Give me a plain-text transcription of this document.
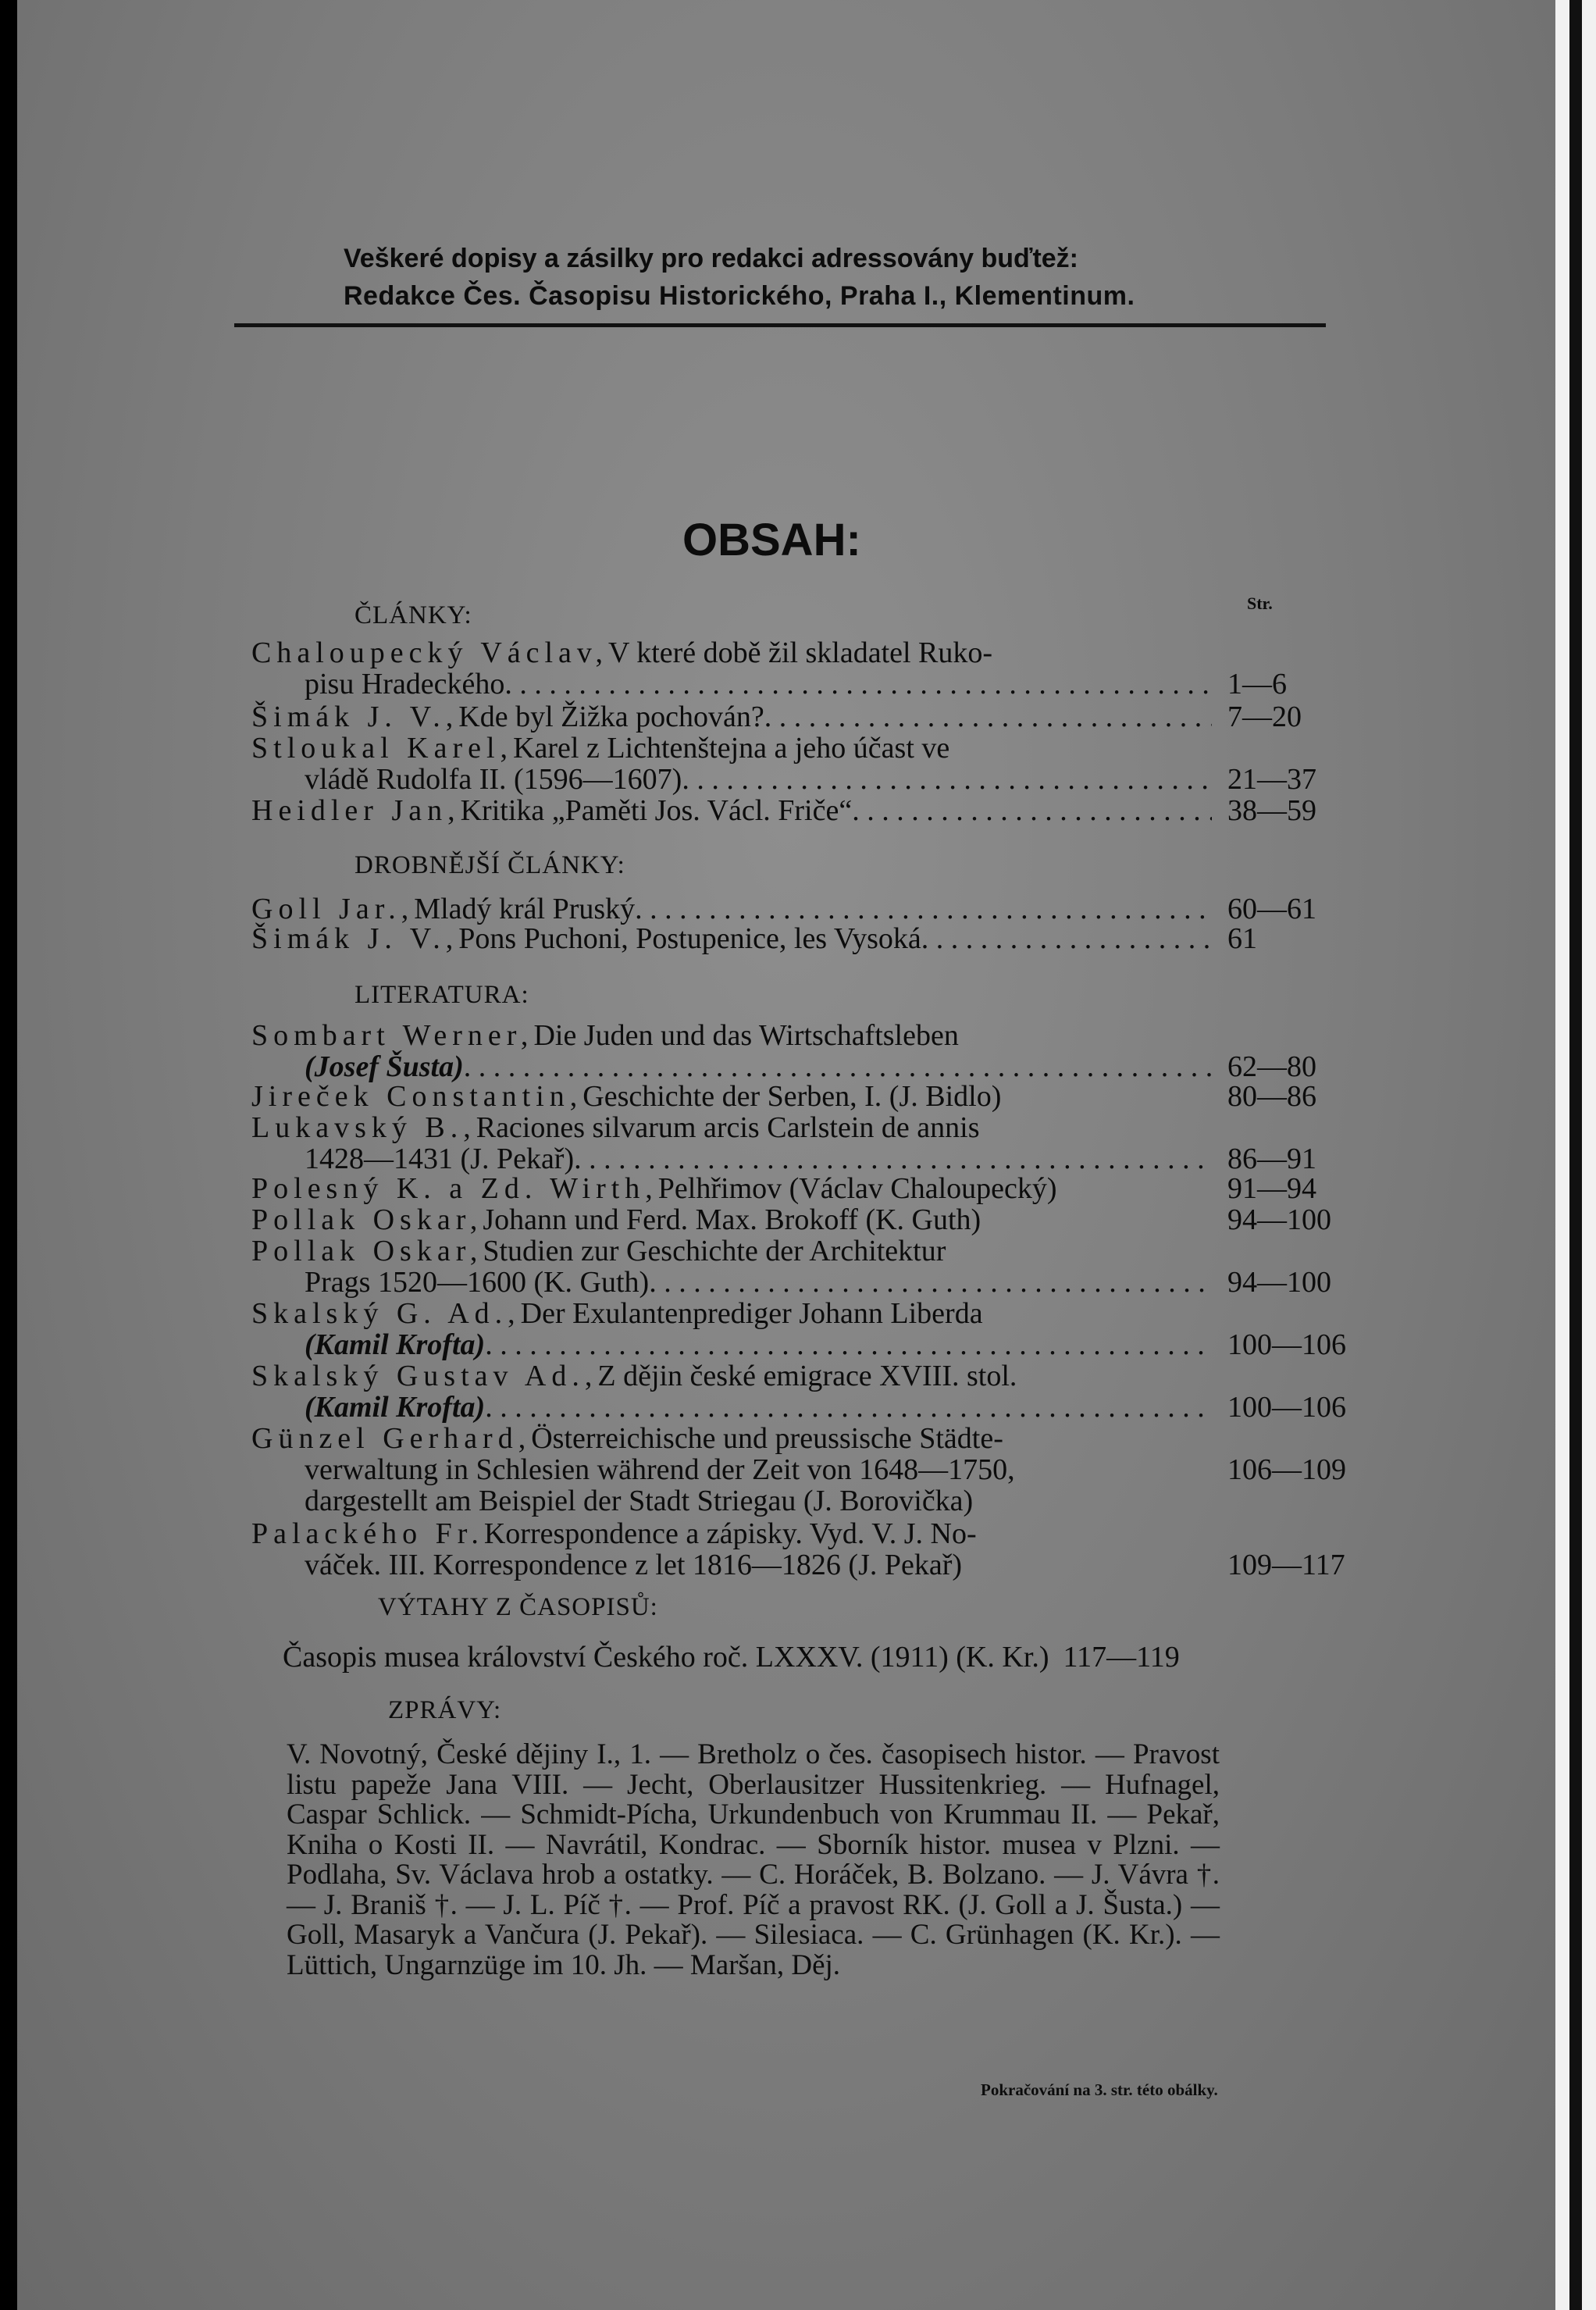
Veškeré dopisy a zásilky pro redakci adressovány buďtež:
Redakce Čes. Časopisu Historického, Praha I., Klementinum.
OBSAH:
Str.
ČLÁNKY:
Chaloupecký Václav, V které době žil skladatel Ruko-
pisu Hradeckého . . .	1—6
Šimák J. V., Kde byl Žižka pochován? . . .	7—20
Stloukal Karel, Karel z Lichtenštejna a jeho účast ve
vládě Rudolfa II. (1596—1607) . . .	21—37
Heidler Jan, Kritika „Paměti Jos. Václ. Friče“ . . .	38—59
DROBNĚJŠÍ ČLÁNKY:
Goll Jar., Mladý král Pruský . . .	60—61
Šimák J. V., Pons Puchoni, Postupenice, les Vysoká . . .	61
LITERATURA:
Sombart Werner, Die Juden und das Wirtschaftsleben
(Josef Šusta) . . .	62—80
Jireček Constantin, Geschichte der Serben, I. (J. Bidlo)	80—86
Lukavský B., Raciones silvarum arcis Carlstein de annis
1428—1431 (J. Pekař) . . .	86—91
Polesný K. a Zd. Wirth, Pelhřimov (Václav Chaloupecký)	91—94
Pollak Oskar, Johann und Ferd. Max. Brokoff (K. Guth)	94—100
Pollak Oskar, Studien zur Geschichte der Architektur
Prags 1520—1600 (K. Guth) . . .	94—100
Skalský G. Ad., Der Exulantenprediger Johann Liberda
(Kamil Krofta)
. . .	100—106
Skalský Gustav Ad., Z dějin české emigrace XVIII. stol.
(Kamil Krofta)
. . .	100—106
Günzel Gerhard, Österreichische und preussische Städte-
verwaltung in Schlesien während der Zeit von 1648—1750,
dargestellt am Beispiel der Stadt Striegau (J. Borovička)
106—109
Palackého Fr. Korrespondence a zápisky. Vyd. V. J. No-
váček. III. Korrespondence z let 1816—1826 (J. Pekař)	109—117
VÝTAHY Z ČASOPISŮ:
Časopis musea království Českého roč. LXXXV. (1911) (K. Kr.) 117—119
ZPRÁVY:
V. Novotný, České dějiny I., 1. — Bretholz o čes. časopisech histor. — Pravost listu papeže Jana VIII. — Jecht, Oberlausitzer Hussitenkrieg. — Hufnagel, Caspar Schlick. — Schmidt-Pícha, Urkundenbuch von Krummau II. — Pekař, Kniha o Kosti II. — Navrátil, Kondrac. — Sborník histor. musea v Plzni. — Podlaha, Sv. Václava hrob a ostatky. — C. Horáček, B. Bolzano. — J. Vávra †. — J. Braniš †. — J. L. Píč †. — Prof. Píč a pravost RK. (J. Goll a J. Šusta.) — Goll, Masaryk a Vančura (J. Pekař). — Silesiaca. — C. Grünhagen (K. Kr.). — Lüttich, Ungarnzüge im 10. Jh. — Maršan, Děj.
Pokračování na 3. str. této obálky.
